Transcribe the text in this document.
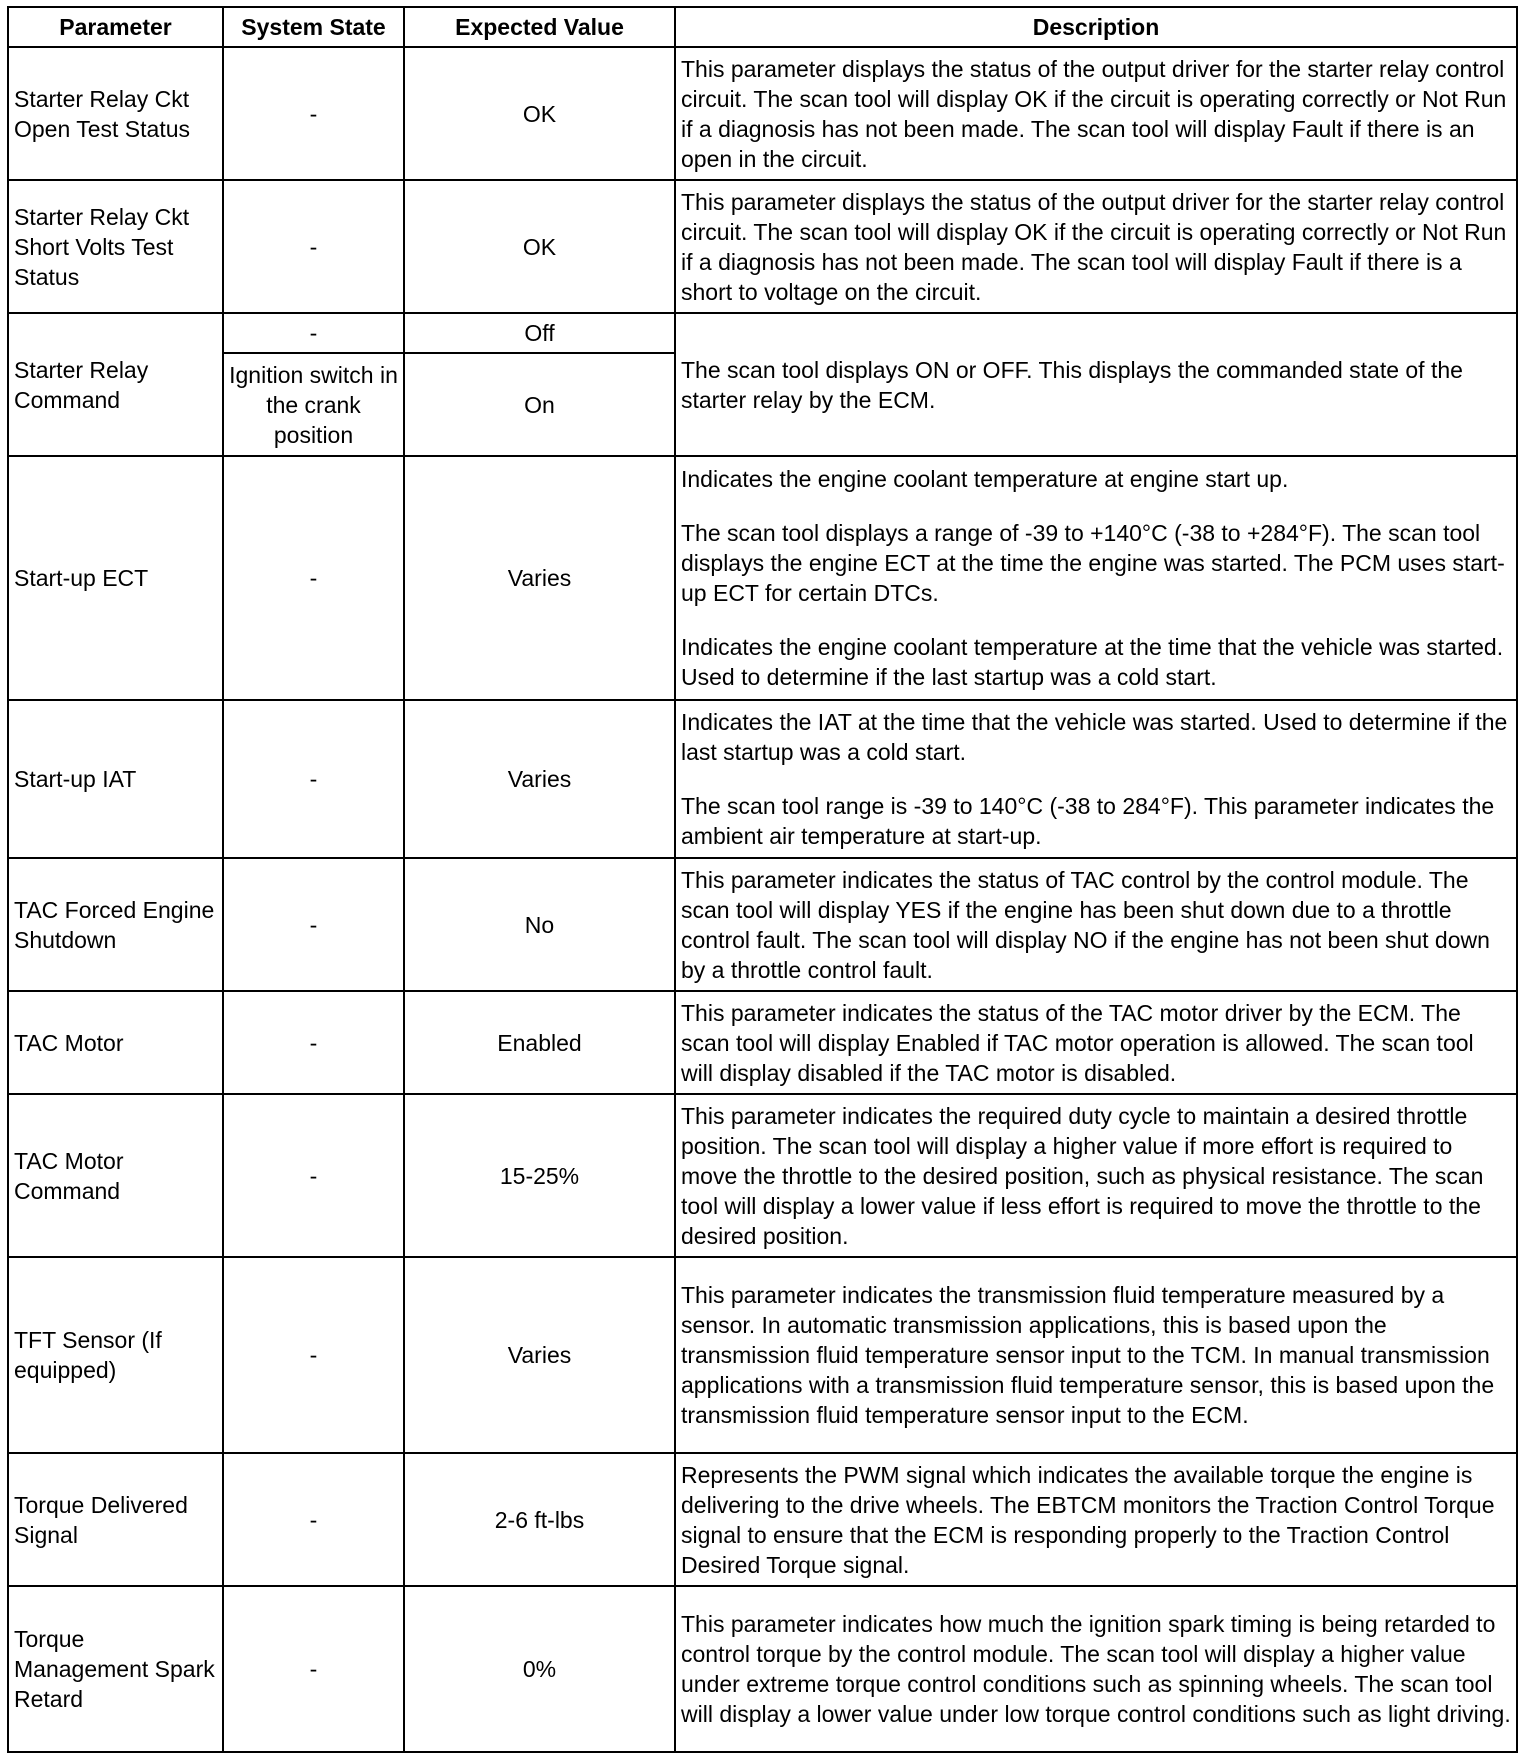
Parameter	System State	Expected Value	Description
Starter Relay Ckt Open Test Status	-	OK	This parameter displays the status of the output driver for the starter relay control circuit. The scan tool will display OK if the circuit is operating correctly or Not Run if a diagnosis has not been made. The scan tool will display Fault if there is an open in the circuit.

Starter Relay Ckt Short Volts Test Status	-	OK	This parameter displays the status of the output driver for the starter relay control circuit. The scan tool will display OK if the circuit is operating correctly or Not Run if a diagnosis has not been made. The scan tool will display Fault if there is a short to voltage on the circuit.

Starter Relay Command	-	Off	The scan tool displays ON or OFF. This displays the commanded state of the starter relay by the ECM.

	Ignition switch in the crank position	On	
Start-up ECT	-	Varies	Indicates the engine coolant temperature at engine start up.

The scan tool displays a range of -39 to +140°C (-38 to +284°F). The scan tool displays the engine ECT at the time the engine was started. The PCM uses start-up ECT for certain DTCs.

Indicates the engine coolant temperature at the time that the vehicle was started. Used to determine if the last startup was a cold start.

Start-up IAT	-	Varies	Indicates the IAT at the time that the vehicle was started. Used to determine if the last startup was a cold start.

The scan tool range is -39 to 140°C (-38 to 284°F). This parameter indicates the ambient air temperature at start-up.

TAC Forced Engine Shutdown	-	No	This parameter indicates the status of TAC control by the control module. The scan tool will display YES if the engine has been shut down due to a throttle control fault. The scan tool will display NO if the engine has not been shut down by a throttle control fault.

TAC Motor	-	Enabled	This parameter indicates the status of the TAC motor driver by the ECM. The scan tool will display Enabled if TAC motor operation is allowed. The scan tool will display disabled if the TAC motor is disabled.

TAC Motor Command	-	15-25%	This parameter indicates the required duty cycle to maintain a desired throttle position. The scan tool will display a higher value if more effort is required to move the throttle to the desired position, such as physical resistance. The scan tool will display a lower value if less effort is required to move the throttle to the desired position.

TFT Sensor (If equipped)	-	Varies	This parameter indicates the transmission fluid temperature measured by a sensor. In automatic transmission applications, this is based upon the transmission fluid temperature sensor input to the TCM. In manual transmission applications with a transmission fluid temperature sensor, this is based upon the transmission fluid temperature sensor input to the ECM.

Torque Delivered Signal	-	2-6 ft-lbs	Represents the PWM signal which indicates the available torque the engine is delivering to the drive wheels. The EBTCM monitors the Traction Control Torque signal to ensure that the ECM is responding properly to the Traction Control Desired Torque signal.

Torque Management Spark Retard	-	0%	This parameter indicates how much the ignition spark timing is being retarded to control torque by the control module. The scan tool will display a higher value under extreme torque control conditions such as spinning wheels. The scan tool will display a lower value under low torque control conditions such as light driving.
